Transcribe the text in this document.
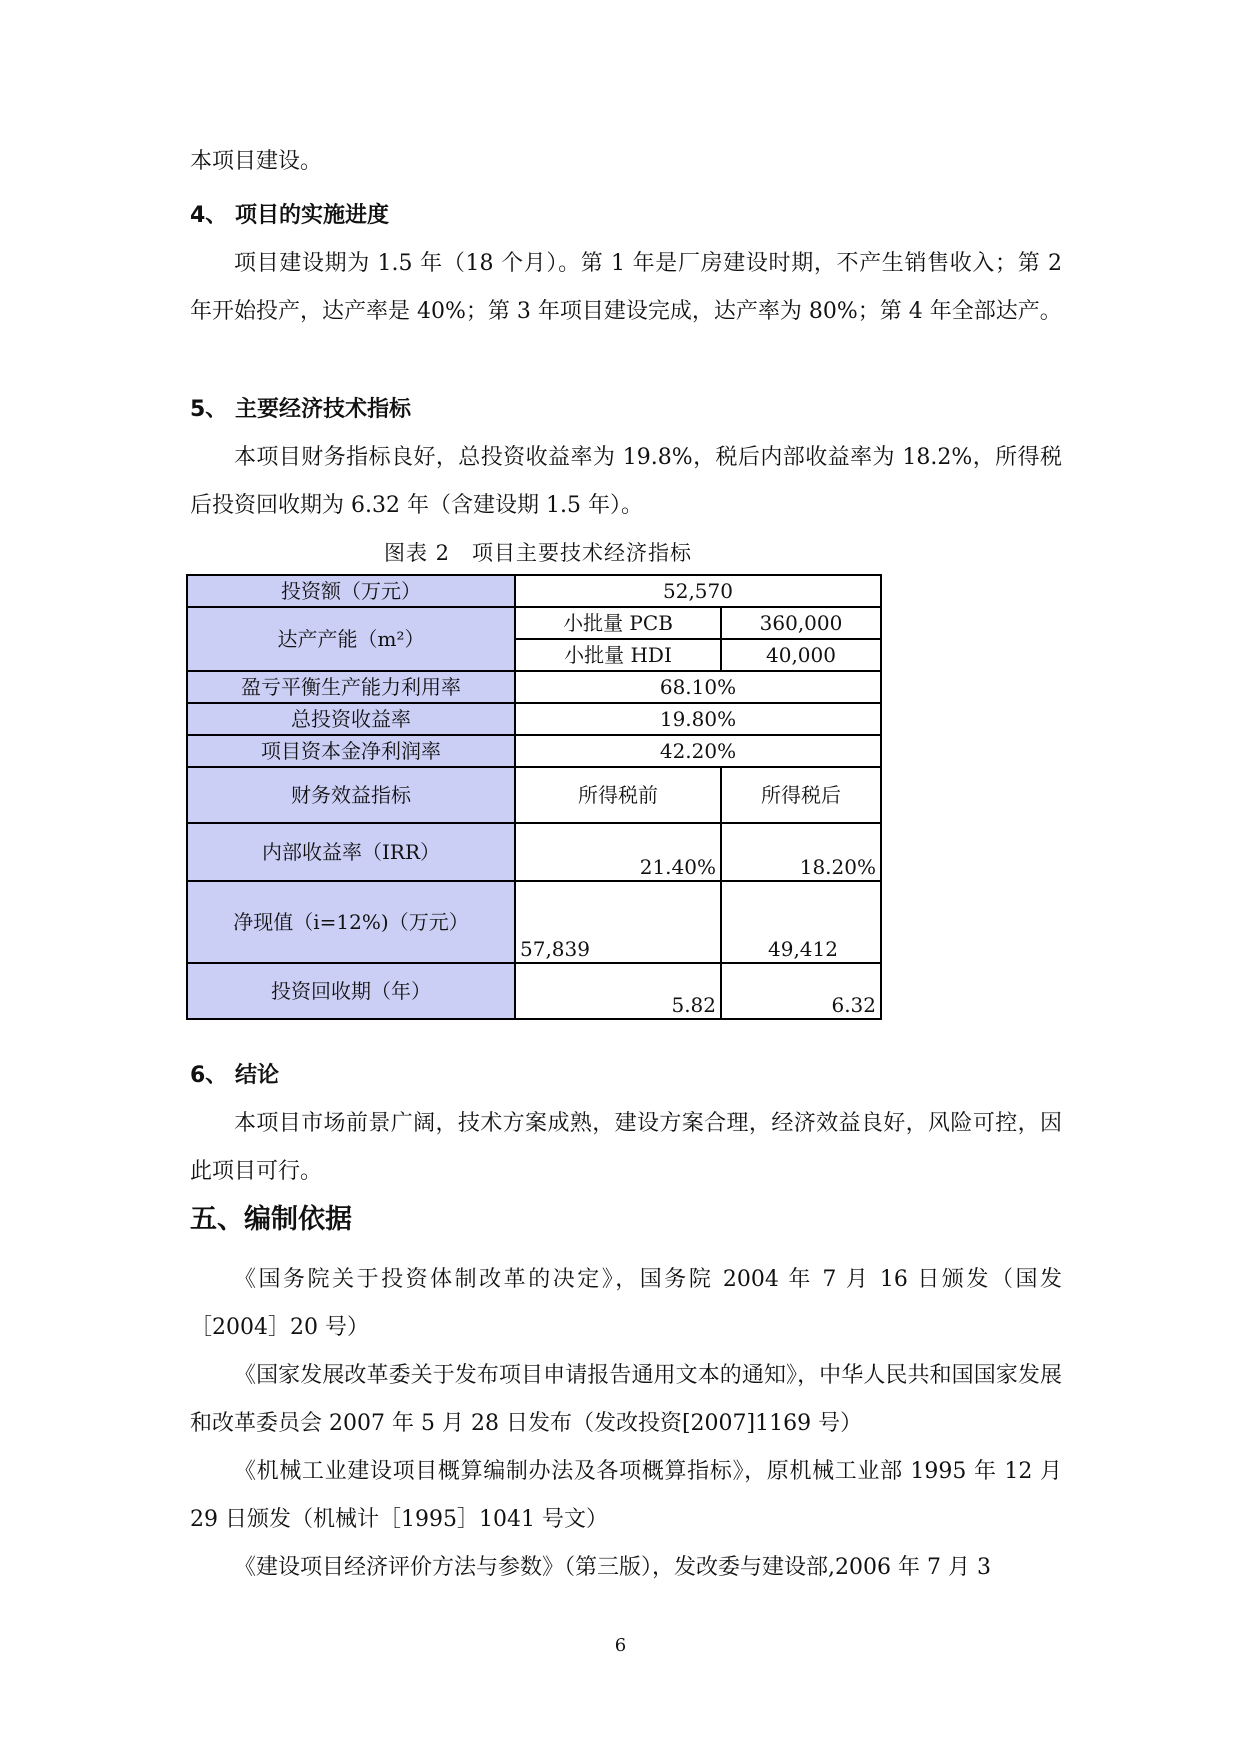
本项目建设。

4、 项目的实施进度

项目建设期为 1.5 年（18 个月）。第 1 年是厂房建设时期，不产生销售收入；第 2 年开始投产，达产率是 40%；第 3 年项目建设完成，达产率为 80%；第 4 年全部达产。

5、 主要经济技术指标

本项目财务指标良好，总投资收益率为 19.8%，税后内部收益率为 18.2%，所得税后投资回收期为 6.32 年（含建设期 1.5 年）。

图表 2　项目主要技术经济指标
投资额（万元）	52,570	
达产产能（m²）	小批量 PCB	360,000
	小批量 HDI	40,000
盈亏平衡生产能力利用率	68.10%	
总投资收益率	19.80%	
项目资本金净利润率	42.20%	
财务效益指标	所得税前	所得税后
内部收益率（IRR）	21.40%	18.20%
净现值（i=12%)（万元）	57,839	49,412
投资回收期（年）	5.82	6.32

6、 结论

本项目市场前景广阔，技术方案成熟，建设方案合理，经济效益良好，风险可控，因此项目可行。

五、编制依据

《国务院关于投资体制改革的决定》，国务院 2004 年 7 月 16 日颁发（国发［2004］20 号）

《国家发展改革委关于发布项目申请报告通用文本的通知》，中华人民共和国国家发展和改革委员会 2007 年 5 月 28 日发布（发改投资[2007]1169 号）

《机械工业建设项目概算编制办法及各项概算指标》，原机械工业部 1995 年 12 月 29 日颁发（机械计［1995］1041 号文）

《建设项目经济评价方法与参数》（第三版），发改委与建设部,2006 年 7 月 3

6
